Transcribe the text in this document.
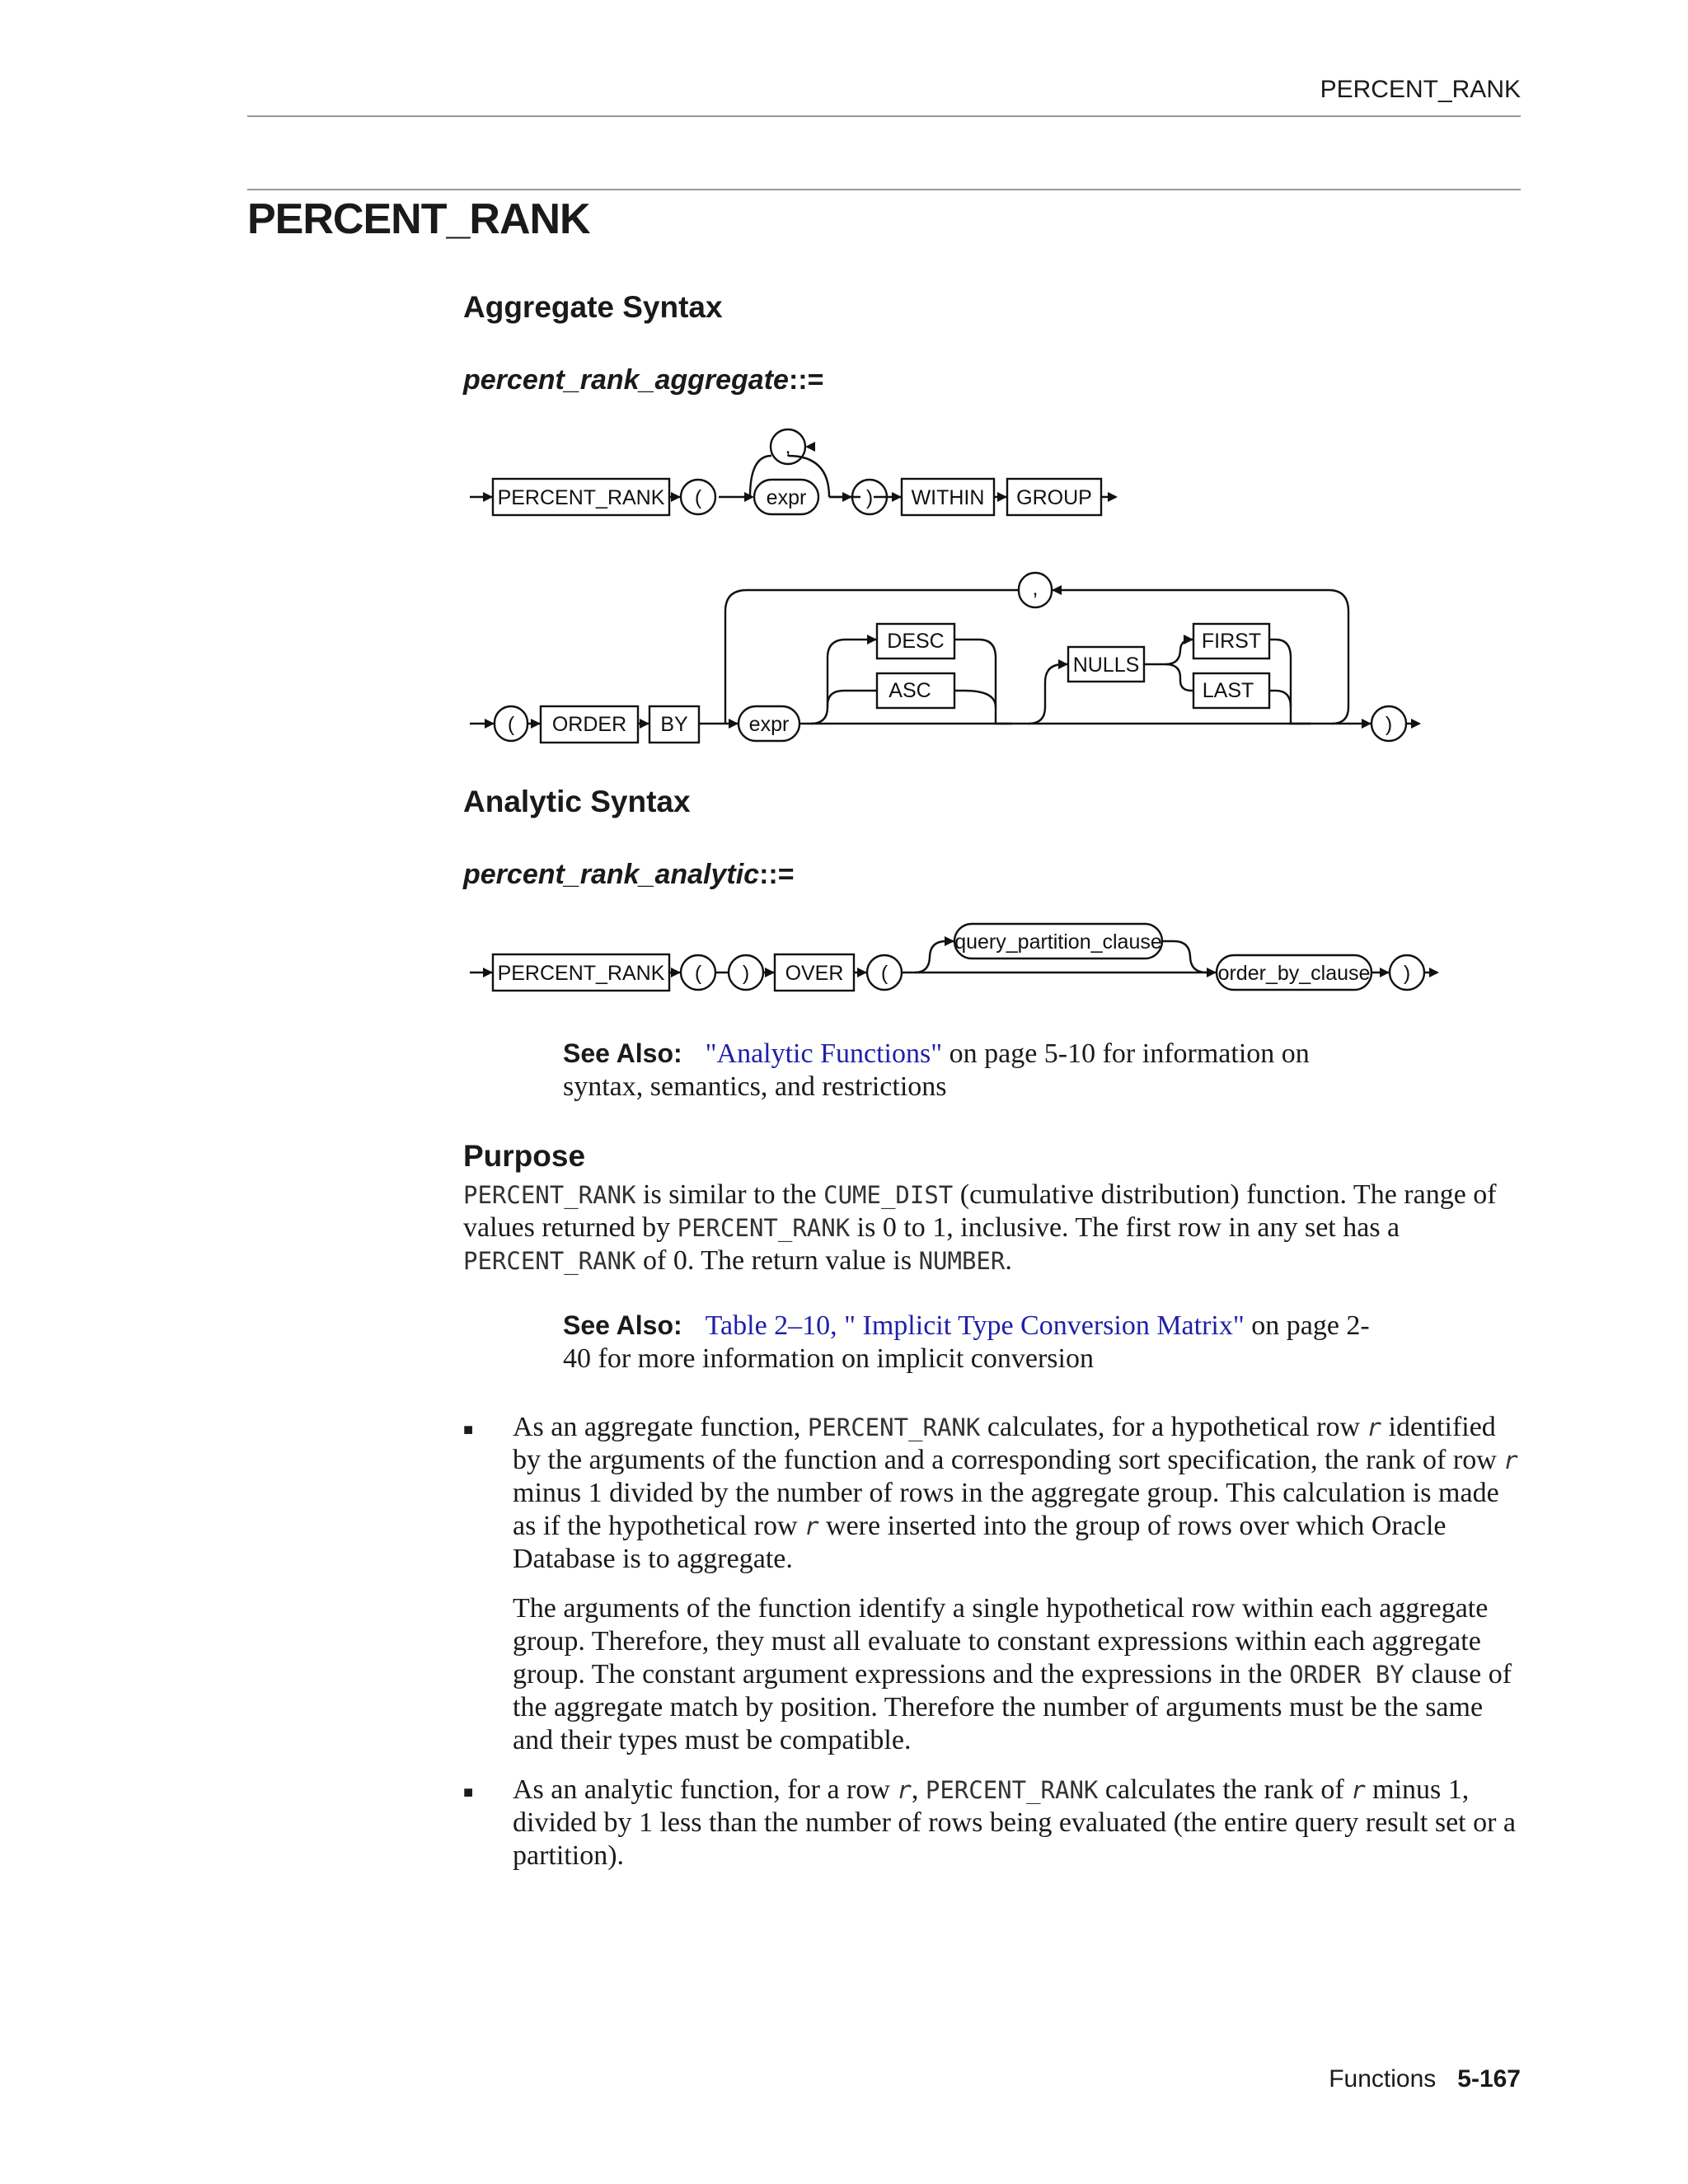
PERCENT_RANK
PERCENT_RANK
Aggregate Syntax
percent_rank_aggregate::=
PERCENT_RANK (	expr
,
) WITHIN GROUP
( ORDER BY
,
expr
DESC
ASC
NULLS
FIRST
LAST
)
Analytic Syntax
percent_rank_analytic::=
PERCENT_RANK ( ) OVER (
query_partition_clause
order_by_clause )

See Also: "Analytic Functions" on page 5-10 for information on syntax, semantics, and restrictions

Purpose

PERCENT_RANK is similar to the CUME_DIST (cumulative distribution) function. The range of values returned by PERCENT_RANK is 0 to 1, inclusive. The first row in any set has a PERCENT_RANK of 0. The return value is NUMBER.

See Also: Table 2–10, " Implicit Type Conversion Matrix" on page 2-40 for more information on implicit conversion

■ As an aggregate function, PERCENT_RANK calculates, for a hypothetical row r identified by the arguments of the function and a corresponding sort specification, the rank of row r minus 1 divided by the number of rows in the aggregate group. This calculation is made as if the hypothetical row r were inserted into the group of rows over which Oracle Database is to aggregate.

The arguments of the function identify a single hypothetical row within each aggregate group. Therefore, they must all evaluate to constant expressions within each aggregate group. The constant argument expressions and the expressions in the ORDER BY clause of the aggregate match by position. Therefore the number of arguments must be the same and their types must be compatible.

■ As an analytic function, for a row r, PERCENT_RANK calculates the rank of r minus 1, divided by 1 less than the number of rows being evaluated (the entire query result set or a partition).

Functions 5-167
